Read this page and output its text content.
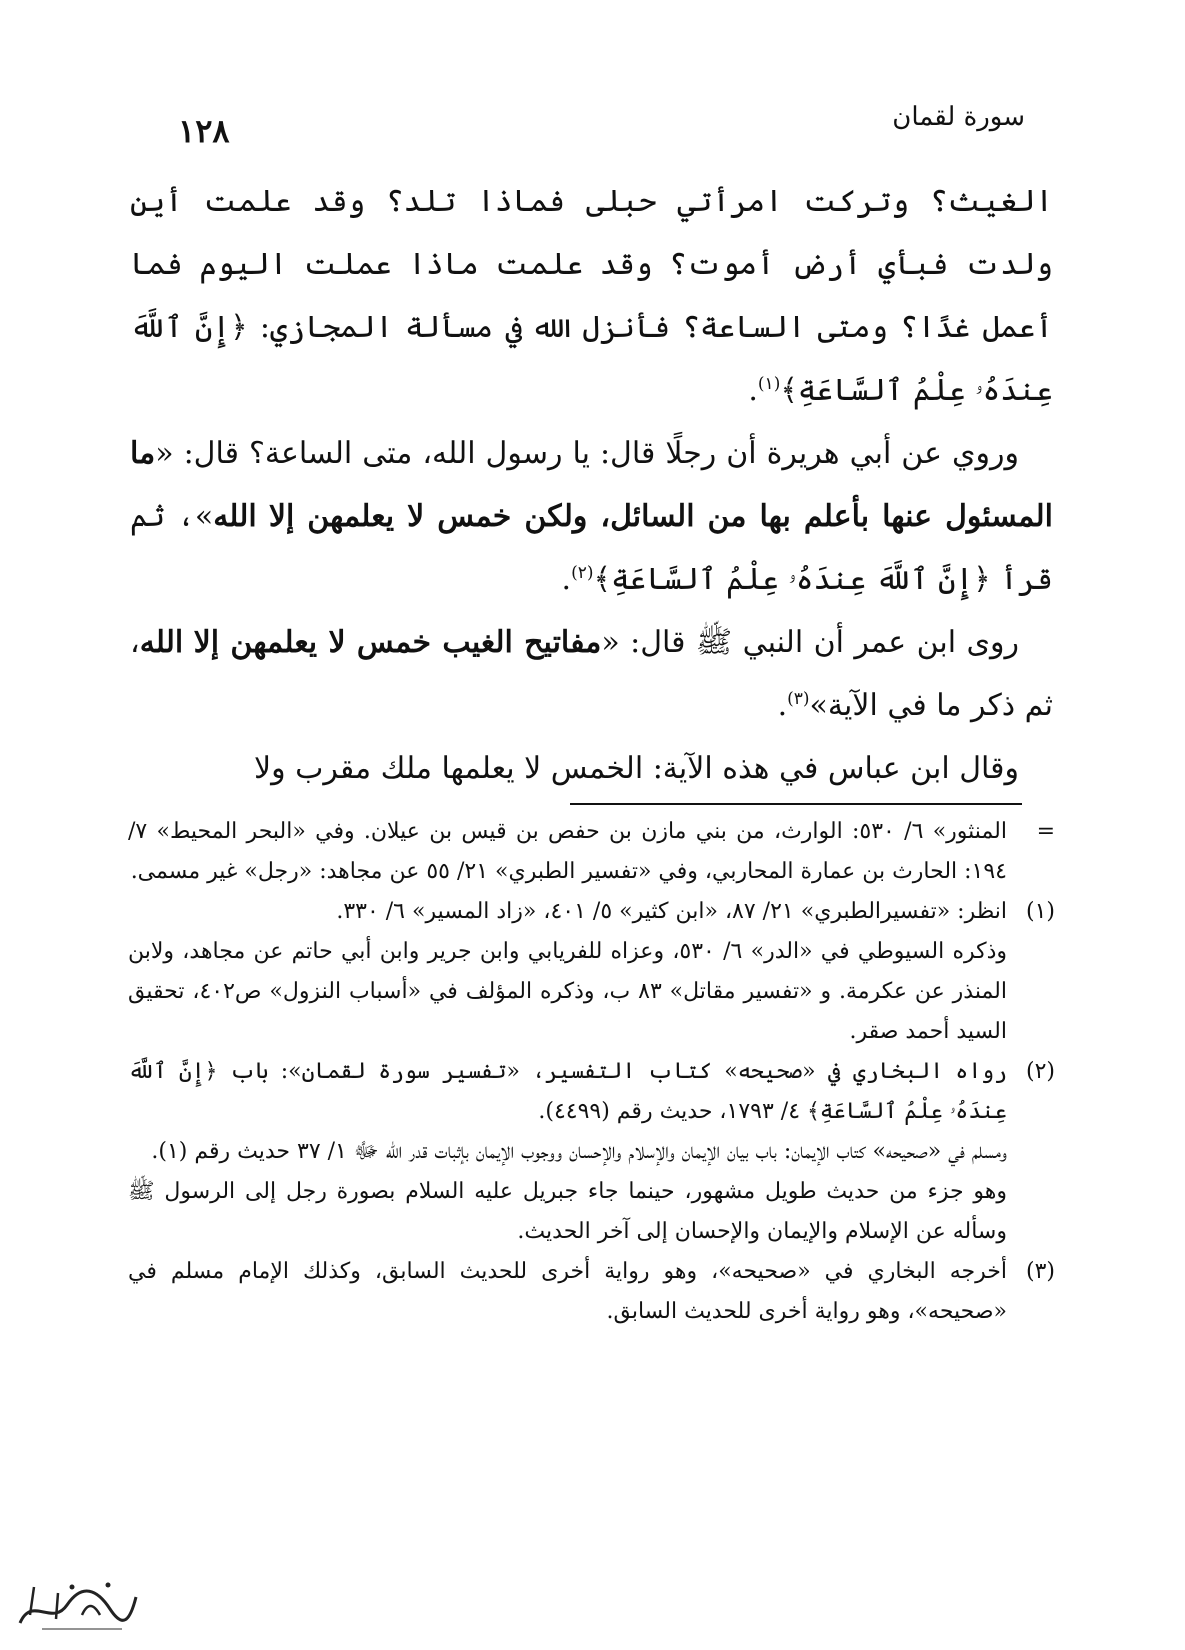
١٢٨	سورة لقمان

الغيث؟ وتركت امرأتي حبلى فماذا تلد؟ وقد علمت أين ولدت فبأي أرض أموت؟ وقد علمت ماذا عملت اليوم فما أعمل غدًا؟ ومتى الساعة؟ فأنزل الله في مسألة المجازي: ﴿إِنَّ ٱللَّهَ عِندَهُۥ عِلْمُ ٱلسَّاعَةِ﴾$^{(١)}$.

وروي عن أبي هريرة أن رجلًا قال: يا رسول الله، متى الساعة؟ قال: «ما المسئول عنها بأعلم بها من السائل، ولكن خمس لا يعلمهن إلا الله»، ثم قرأ ﴿إِنَّ ٱللَّهَ عِندَهُۥ عِلْمُ ٱلسَّاعَةِ﴾$^{(٢)}$.

روى ابن عمر أن النبي ﷺ قال: «مفاتيح الغيب خمس لا يعلمهن إلا الله، ثم ذكر ما في الآية»$^{(٣)}$.

وقال ابن عباس في هذه الآية: الخمس لا يعلمها ملك مقرب ولا

=

المنثور» ٦/ ٥٣٠: الوارث، من بني مازن بن حفص بن قيس بن عيلان. وفي «البحر المحيط» ٧/ ١٩٤: الحارث بن عمارة المحاربي، وفي «تفسير الطبري» ٢١/ ٥٥ عن مجاهد: «رجل» غير مسمى.

(١)

انظر: «تفسيرالطبري» ٢١/ ٨٧، «ابن كثير» ٥/ ٤٠١، «زاد المسير» ٦/ ٣٣٠.

وذكره السيوطي في «الدر» ٦/ ٥٣٠، وعزاه للفريابي وابن جرير وابن أبي حاتم عن مجاهد، ولابن المنذر عن عكرمة. و «تفسير مقاتل» ٨٣ ب، وذكره المؤلف في «أسباب النزول» ص٤٠٢، تحقيق السيد أحمد صقر.

(٢)

رواه البخاري في «صحيحه» كتاب التفسير، «تفسير سورة لقمان»: باب ﴿إِنَّ ٱللَّهَ عِندَهُۥ عِلْمُ ٱلسَّاعَةِ﴾ ٤/ ١٧٩٣، حديث رقم (٤٤٩٩).

ومسلم في «صحيحه» كتاب الإيمان: باب بيان الإيمان والإسلام والإحسان ووجوب الإيمان بإثبات قدر الله ﷻ ١/ ٣٧ حديث رقم (١).

وهو جزء من حديث طويل مشهور، حينما جاء جبريل عليه السلام بصورة رجل إلى الرسول ﷺ وسأله عن الإسلام والإيمان والإحسان إلى آخر الحديث.

(٣)

أخرجه البخاري في «صحيحه»، وهو رواية أخرى للحديث السابق، وكذلك الإمام مسلم في «صحيحه»، وهو رواية أخرى للحديث السابق.
